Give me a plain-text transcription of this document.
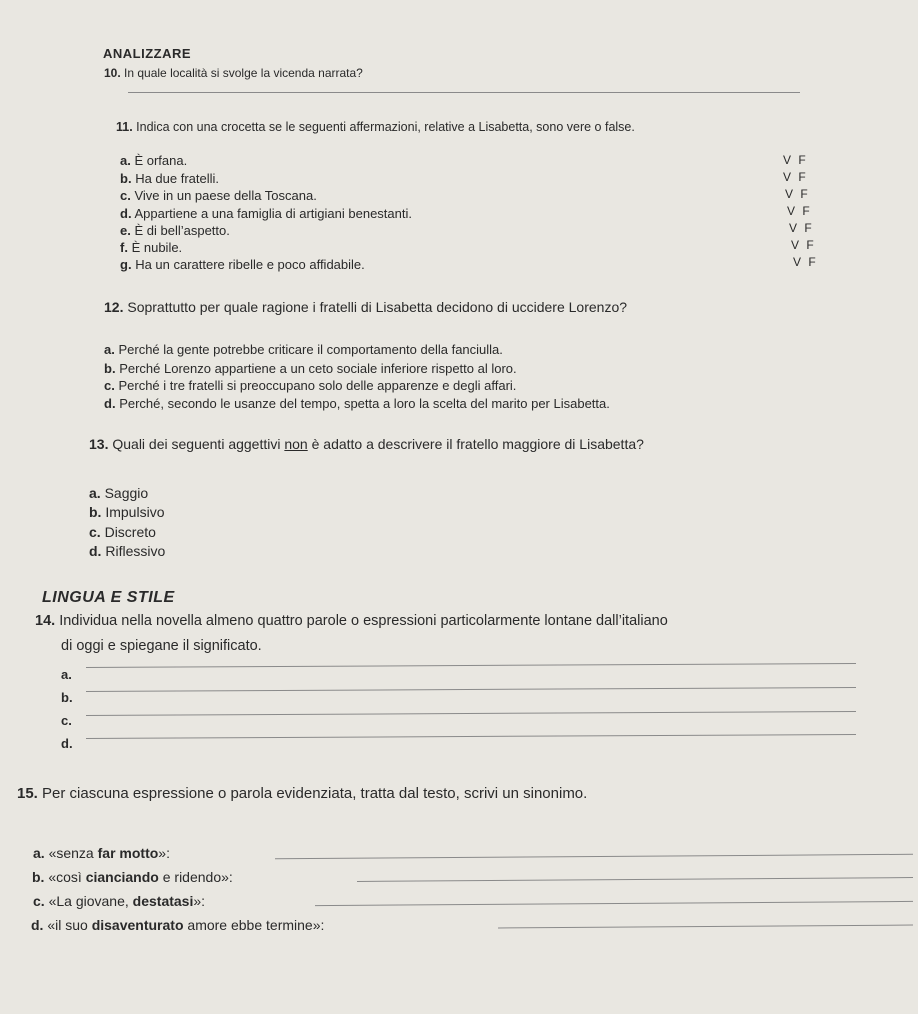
ANALIZZARE
10. In quale località si svolge la vicenda narrata?
11. Indica con una crocetta se le seguenti affermazioni, relative a Lisabetta, sono vere o false.
a. È orfana.
b. Ha due fratelli.
c. Vive in un paese della Toscana.
d. Appartiene a una famiglia di artigiani benestanti.
e. È di bell’aspetto.
f. È nubile.
g. Ha un carattere ribelle e poco affidabile.
V F
V F
V F
V F
V F
V F
V F
12. Soprattutto per quale ragione i fratelli di Lisabetta decidono di uccidere Lorenzo?
a. Perché la gente potrebbe criticare il comportamento della fanciulla.
b. Perché Lorenzo appartiene a un ceto sociale inferiore rispetto al loro.
c. Perché i tre fratelli si preoccupano solo delle apparenze e degli affari.
d. Perché, secondo le usanze del tempo, spetta a loro la scelta del marito per Lisabetta.
13. Quali dei seguenti aggettivi non è adatto a descrivere il fratello maggiore di Lisabetta?
a. Saggio
b. Impulsivo
c. Discreto
d. Riflessivo
LINGUA E STILE
14. Individua nella novella almeno quattro parole o espressioni particolarmente lontane dall’italiano
di oggi e spiegane il significato.
a.
b.
c.
d.
15. Per ciascuna espressione o parola evidenziata, tratta dal testo, scrivi un sinonimo.
a. «senza far motto»:
b. «così cianciando e ridendo»:
c. «La giovane, destatasi»:
d. «il suo disaventurato amore ebbe termine»:
